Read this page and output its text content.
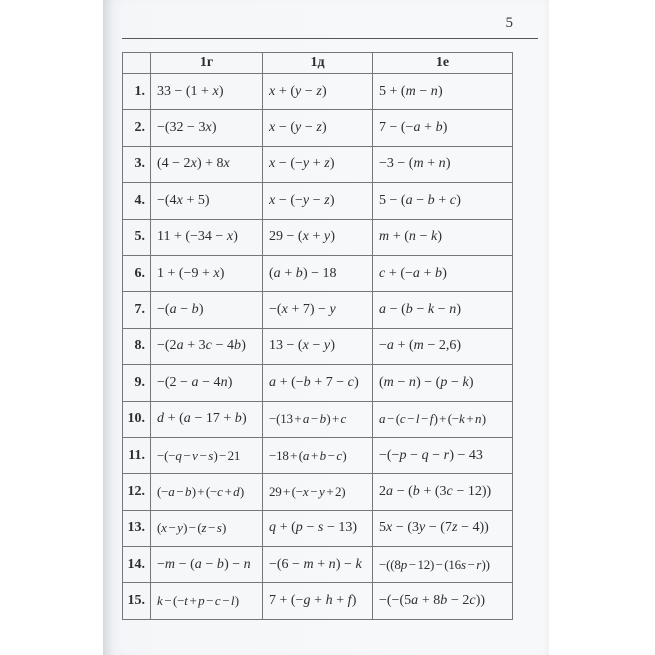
5
	1г	1д	1е
1.	33 − (1 + x)	x + (y − z)	5 + (m − n)
2.	−(32 − 3x)	x − (y − z)	7 − (−a + b)
3.	(4 − 2x) + 8x	x − (−y + z)	−3 − (m + n)
4.	−(4x + 5)	x − (−y − z)	5 − (a − b + c)
5.	11 + (−34 − x)	29 − (x + y)	m + (n − k)
6.	1 + (−9 + x)	(a + b) − 18	c + (−a + b)
7.	−(a − b)	−(x + 7) − y	a − (b − k − n)
8.	−(2a + 3c − 4b)	13 − (x − y)	−a + (m − 2,6)
9.	−(2 − a − 4n)	a + (−b + 7 − c)	(m − n) − (p − k)
10.	d + (a − 17 + b)	−(13 + a − b) + c	a − (c − l − f) + (−k + n)
11.	−(−q − v − s) − 21	−18 + (a + b − c)	−(−p − q − r) − 43
12.	(−a − b) + (−c + d)	29 + (−x − y + 2)	2a − (b + (3c − 12))
13.	(x − y) − (z − s)	q + (p − s − 13)	5x − (3y − (7z − 4))
14.	−m − (a − b) − n	−(6 − m + n) − k	−((8p − 12) − (16s − r))
15.	k − (−t + p − c − l)	7 + (−g + h + f)	−(−(5a + 8b − 2c))
